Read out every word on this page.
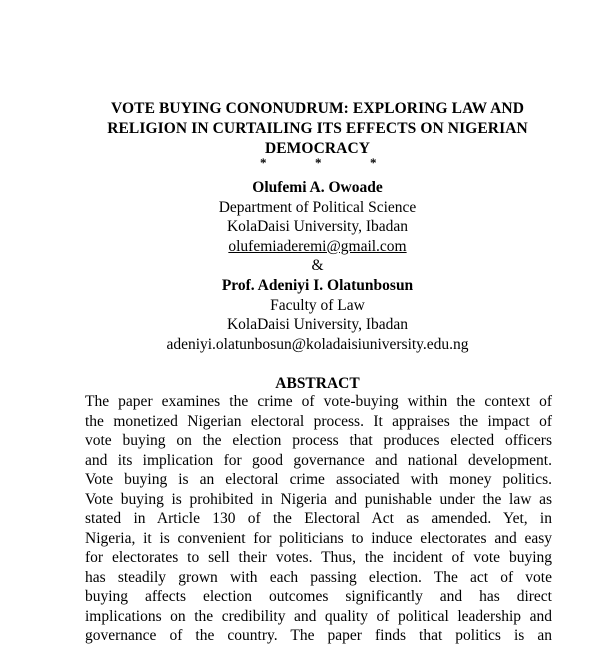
VOTE BUYING CONONUDRUM: EXPLORING LAW AND
RELIGION IN CURTAILING ITS EFFECTS ON NIGERIAN
DEMOCRACY
*	*	*
Olufemi A. Owoade
Department of Political Science
KolaDaisi University, Ibadan
olufemiaderemi@gmail.com
&
Prof. Adeniyi I. Olatunbosun
Faculty of Law
KolaDaisi University, Ibadan
adeniyi.olatunbosun@koladaisiuniversity.edu.ng
ABSTRACT
The paper examines the crime of vote-buying within the context of
the monetized Nigerian electoral process. It appraises the impact of
vote buying on the election process that produces elected officers
and its implication for good governance and national development.
Vote buying is an electoral crime associated with money politics.
Vote buying is prohibited in Nigeria and punishable under the law as
stated in Article 130 of the Electoral Act as amended. Yet, in
Nigeria, it is convenient for politicians to induce electorates and easy
for electorates to sell their votes. Thus, the incident of vote buying
has steadily grown with each passing election. The act of vote
buying affects election outcomes significantly and has direct
implications on the credibility and quality of political leadership and
governance of the country. The paper finds that politics is an
